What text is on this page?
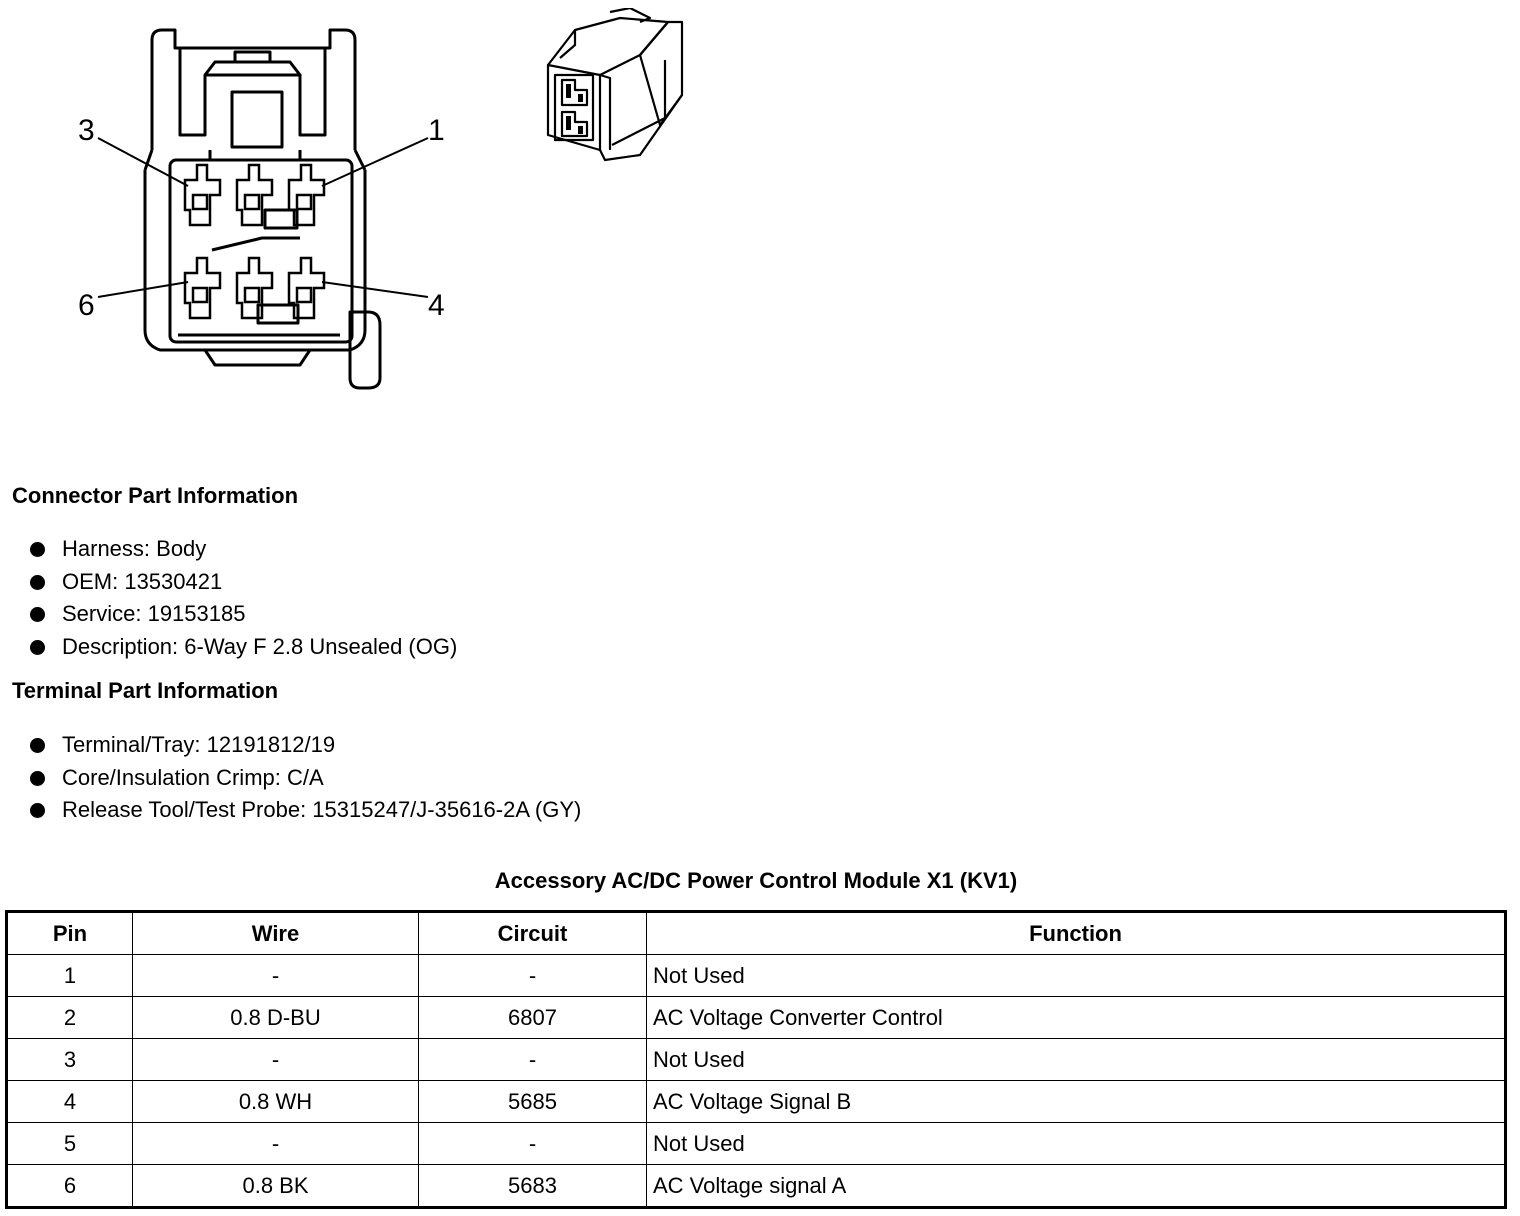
3	1
6	4
Connector Part Information
Harness: Body
OEM: 13530421
Service: 19153185
Description: 6-Way F 2.8 Unsealed (OG)
Terminal Part Information
Terminal/Tray: 12191812/19
Core/Insulation Crimp: C/A
Release Tool/Test Probe: 15315247/J-35616-2A (GY)
Accessory AC/DC Power Control Module X1 (KV1)
Pin	Wire	Circuit	Function
1	-	-	Not Used
2	0.8 D-BU	6807	AC Voltage Converter Control
3	-	-	Not Used
4	0.8 WH	5685	AC Voltage Signal B
5	-	-	Not Used
6	0.8 BK	5683	AC Voltage signal A
